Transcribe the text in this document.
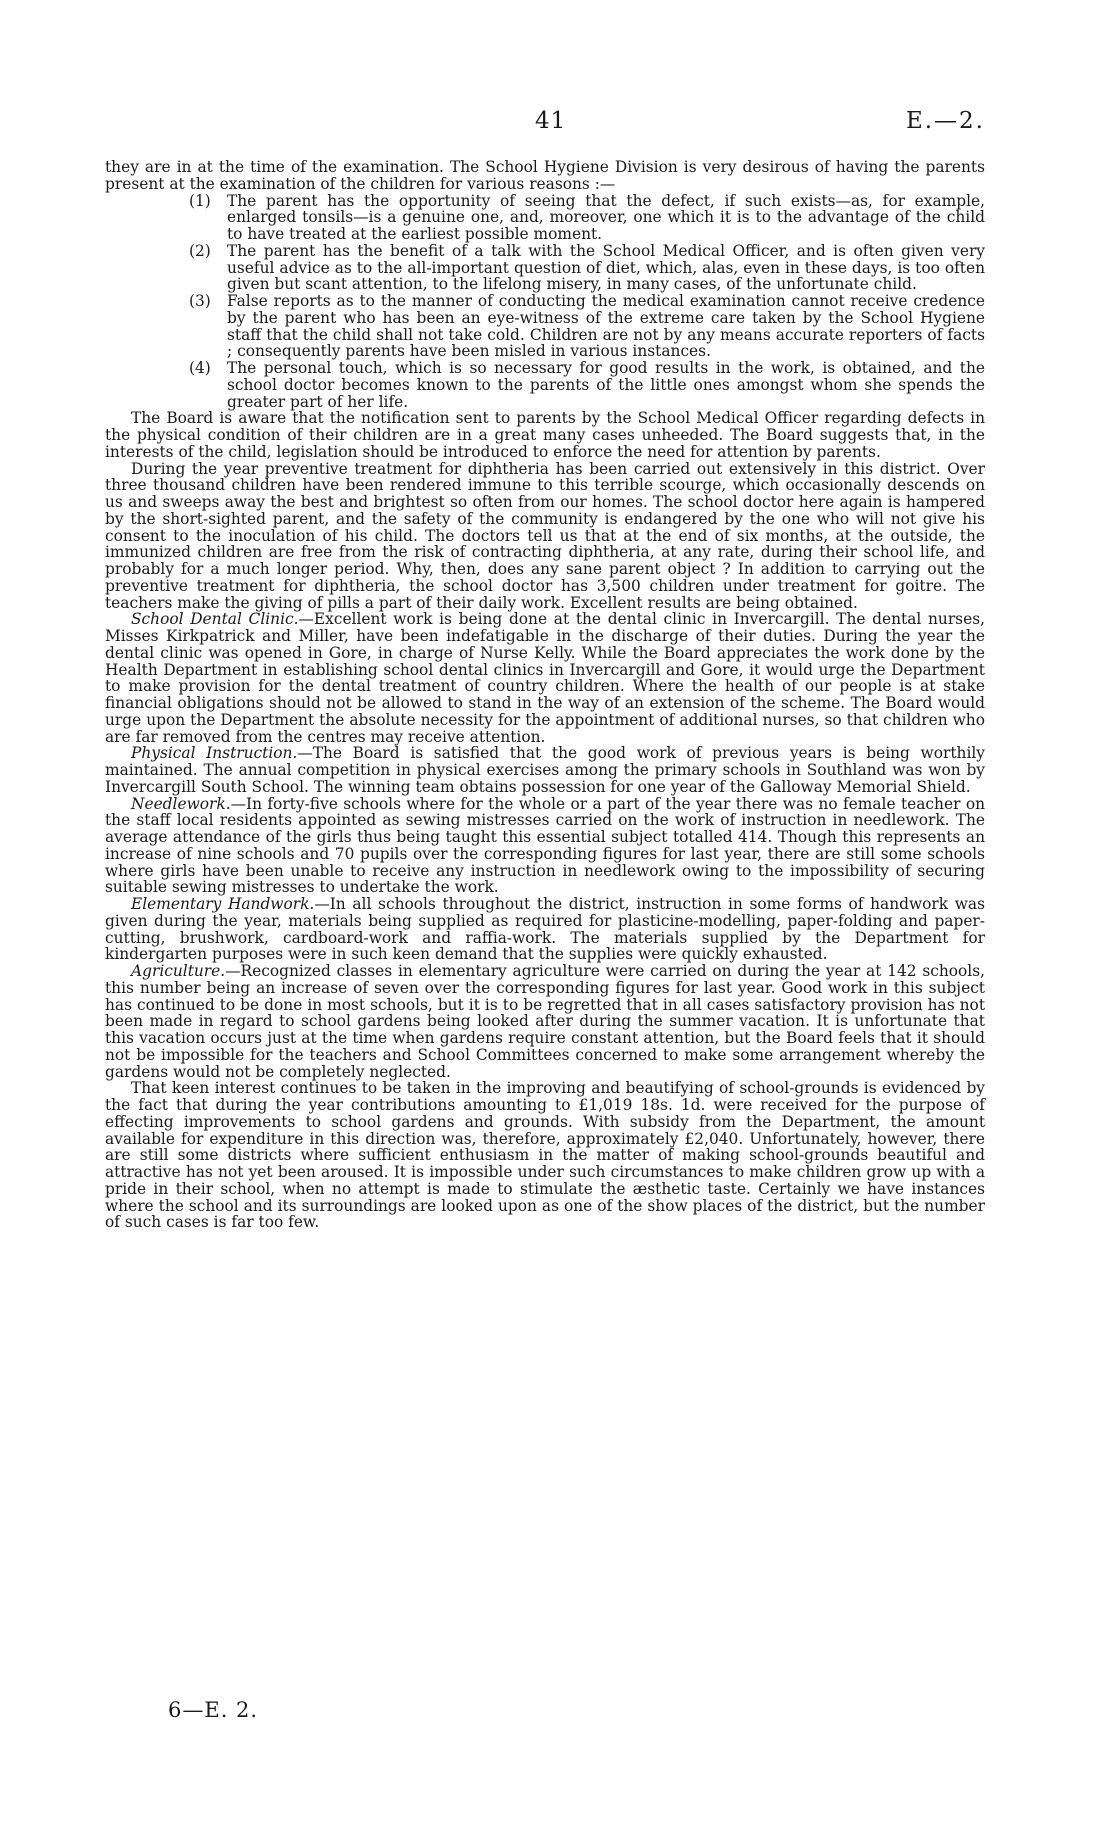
41	E.—2.

they are in at the time of the examination. The School Hygiene Division is very desirous of having the parents present at the examination of the children for various reasons :—

(1) The parent has the opportunity of seeing that the defect, if such exists—as, for example, enlarged tonsils—is a genuine one, and, moreover, one which it is to the advantage of the child to have treated at the earliest possible moment.
(2) The parent has the benefit of a talk with the School Medical Officer, and is often given very useful advice as to the all-important question of diet, which, alas, even in these days, is too often given but scant attention, to the lifelong misery, in many cases, of the unfortunate child.
(3) False reports as to the manner of conducting the medical examination cannot receive credence by the parent who has been an eye-witness of the extreme care taken by the School Hygiene staff that the child shall not take cold. Children are not by any means accurate reporters of facts ; consequently parents have been misled in various instances.
(4) The personal touch, which is so necessary for good results in the work, is obtained, and the school doctor becomes known to the parents of the little ones amongst whom she spends the greater part of her life.

The Board is aware that the notification sent to parents by the School Medical Officer regarding defects in the physical condition of their children are in a great many cases unheeded. The Board suggests that, in the interests of the child, legislation should be introduced to enforce the need for attention by parents.

During the year preventive treatment for diphtheria has been carried out extensively in this district. Over three thousand children have been rendered immune to this terrible scourge, which occasionally descends on us and sweeps away the best and brightest so often from our homes. The school doctor here again is hampered by the short-sighted parent, and the safety of the community is endangered by the one who will not give his consent to the inoculation of his child. The doctors tell us that at the end of six months, at the outside, the immunized children are free from the risk of contracting diphtheria, at any rate, during their school life, and probably for a much longer period. Why, then, does any sane parent object ? In addition to carrying out the preventive treatment for diphtheria, the school doctor has 3,500 children under treatment for goitre. The teachers make the giving of pills a part of their daily work. Excellent results are being obtained.

School Dental Clinic.—Excellent work is being done at the dental clinic in Invercargill. The dental nurses, Misses Kirkpatrick and Miller, have been indefatigable in the discharge of their duties. During the year the dental clinic was opened in Gore, in charge of Nurse Kelly. While the Board appreciates the work done by the Health Department in establishing school dental clinics in Invercargill and Gore, it would urge the Department to make provision for the dental treatment of country children. Where the health of our people is at stake financial obligations should not be allowed to stand in the way of an extension of the scheme. The Board would urge upon the Department the absolute necessity for the appointment of additional nurses, so that children who are far removed from the centres may receive attention.

Physical Instruction.—The Board is satisfied that the good work of previous years is being worthily maintained. The annual competition in physical exercises among the primary schools in Southland was won by Invercargill South School. The winning team obtains possession for one year of the Galloway Memorial Shield.

Needlework.—In forty-five schools where for the whole or a part of the year there was no female teacher on the staff local residents appointed as sewing mistresses carried on the work of instruction in needlework. The average attendance of the girls thus being taught this essential subject totalled 414. Though this represents an increase of nine schools and 70 pupils over the corresponding figures for last year, there are still some schools where girls have been unable to receive any instruction in needlework owing to the impossibility of securing suitable sewing mistresses to undertake the work.

Elementary Handwork.—In all schools throughout the district, instruction in some forms of handwork was given during the year, materials being supplied as required for plasticine-modelling, paper-folding and paper-cutting, brushwork, cardboard-work and raffia-work. The materials supplied by the Department for kindergarten purposes were in such keen demand that the supplies were quickly exhausted.

Agriculture.—Recognized classes in elementary agriculture were carried on during the year at 142 schools, this number being an increase of seven over the corresponding figures for last year. Good work in this subject has continued to be done in most schools, but it is to be regretted that in all cases satisfactory provision has not been made in regard to school gardens being looked after during the summer vacation. It is unfortunate that this vacation occurs just at the time when gardens require constant attention, but the Board feels that it should not be impossible for the teachers and School Committees concerned to make some arrangement whereby the gardens would not be completely neglected.

That keen interest continues to be taken in the improving and beautifying of school-grounds is evidenced by the fact that during the year contributions amounting to £1,019 18s. 1d. were received for the purpose of effecting improvements to school gardens and grounds. With subsidy from the Department, the amount available for expenditure in this direction was, therefore, approximately £2,040. Unfortunately, however, there are still some districts where sufficient enthusiasm in the matter of making school-grounds beautiful and attractive has not yet been aroused. It is impossible under such circumstances to make children grow up with a pride in their school, when no attempt is made to stimulate the æsthetic taste. Certainly we have instances where the school and its surroundings are looked upon as one of the show places of the district, but the number of such cases is far too few.

6—E. 2.
